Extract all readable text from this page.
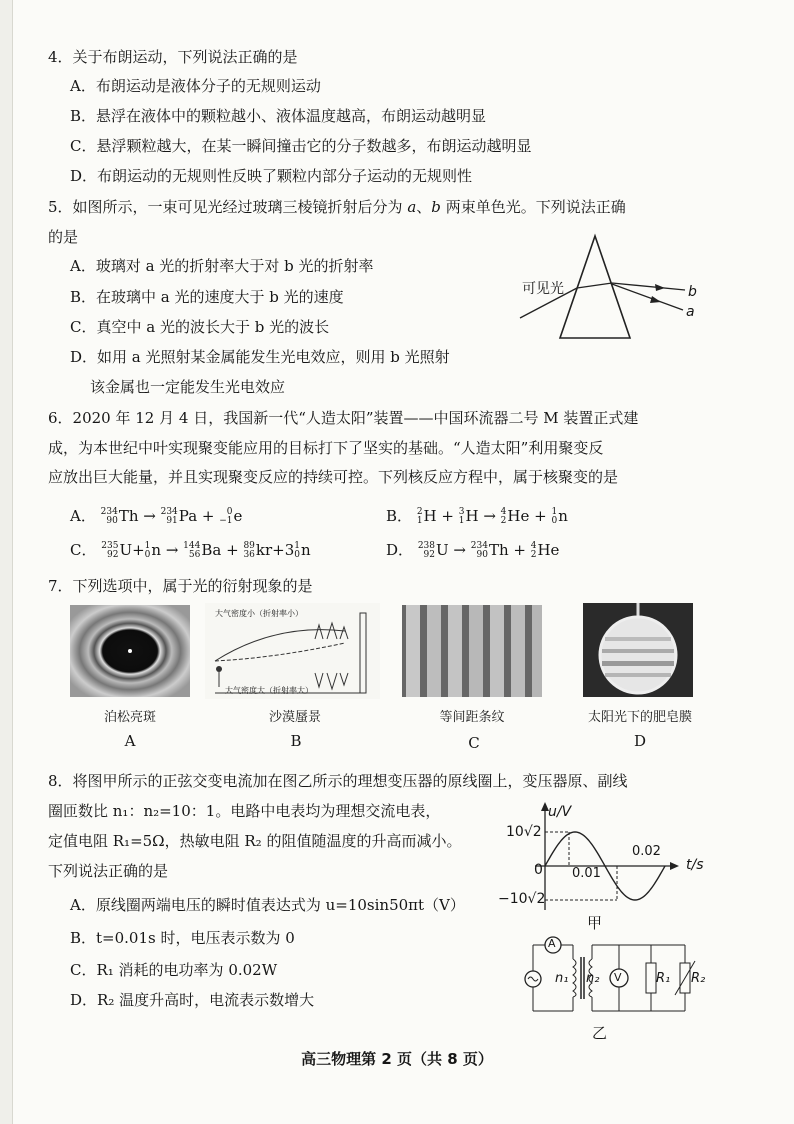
4．关于布朗运动，下列说法正确的是
A．布朗运动是液体分子的无规则运动
B．悬浮在液体中的颗粒越小、液体温度越高，布朗运动越明显
C．悬浮颗粒越大，在某一瞬间撞击它的分子数越多，布朗运动越明显
D．布朗运动的无规则性反映了颗粒内部分子运动的无规则性
5．如图所示，一束可见光经过玻璃三棱镜折射后分为 a、b 两束单色光。下列说法正确
的是
A．玻璃对 a 光的折射率大于对 b 光的折射率
B．在玻璃中 a 光的速度大于 b 光的速度
C．真空中 a 光的波长大于 b 光的波长
D．如用 a 光照射某金属能发生光电效应，则用 b 光照射
该金属也一定能发生光电效应
可见光	b
a
6．2020 年 12 月 4 日，我国新一代“人造太阳”装置——中国环流器二号 M 装置正式建
成，为本世纪中叶实现聚变能应用的目标打下了坚实的基础。“人造太阳”利用聚变反
应放出巨大能量，并且实现聚变反应的持续可控。下列核反应方程中，属于核聚变的是
A． 234
90 Th → 234
91 Pa + 0
−1 e	B． 2
1 H + 3
1 H → 4
2 He + 1
0 n
C． 235
92 U+ 1
0 n → 144
56 Ba + 89
36 kr+3 1
0 n	D． 238
92 U → 234
90 Th + 4
2 He
7．下列选项中，属于光的衍射现象的是
大气密度小（折射率小）
大气密度大（折射率大）
泊松亮斑	沙漠蜃景	等间距条纹	太阳光下的肥皂膜
A	B	C	D
8．将图甲所示的正弦交变电流加在图乙所示的理想变压器的原线圈上，变压器原、副线
圈匝数比 n₁：n₂=10：1。电路中电表均为理想交流电表，
定值电阻 R₁=5Ω，热敏电阻 R₂ 的阻值随温度的升高而减小。
下列说法正确的是
A．原线圈两端电压的瞬时值表达式为 u=10sin50πt（V）
B．t=0.01s 时，电压表示数为 0
C．R₁ 消耗的电功率为 0.02W
D．R₂ 温度升高时，电流表示数增大
u/V
t/s
10√2
−10√2
0 0.01
0.02
甲
A
V
n₁ n₂	R₁ R₂
乙
高三物理第 2 页（共 8 页）
